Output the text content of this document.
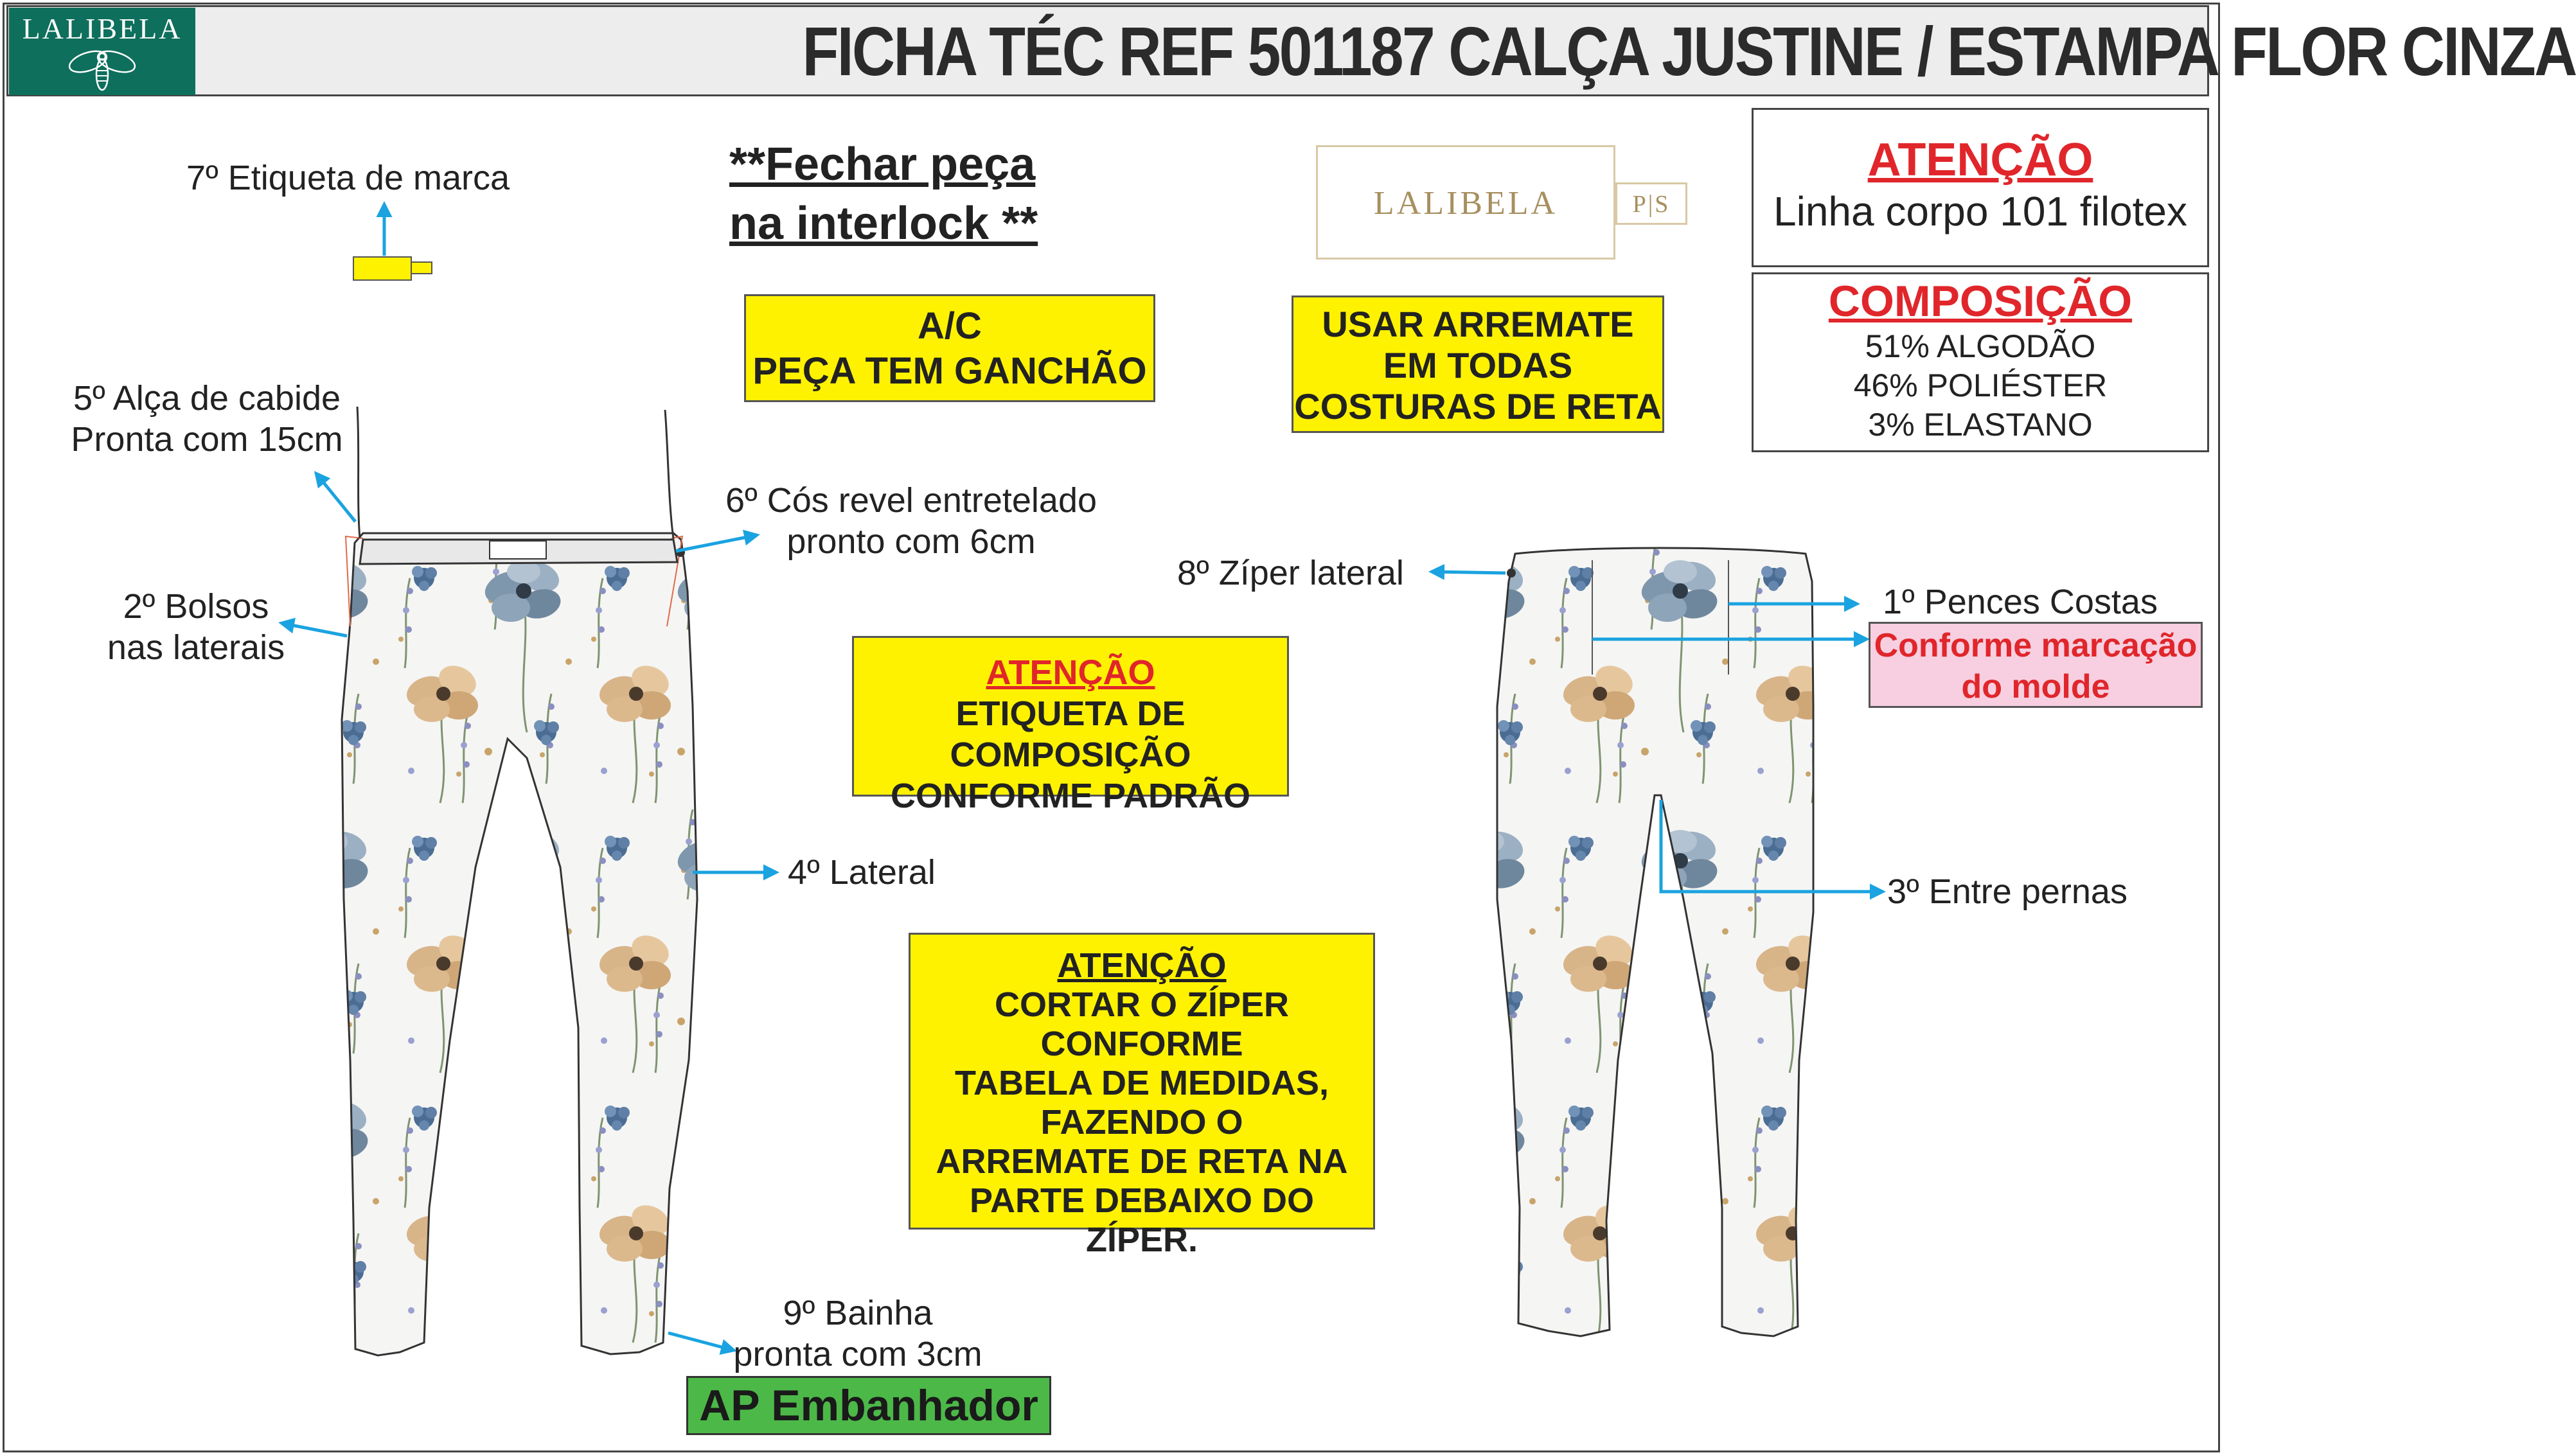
LALIBELA	FICHA TÉC REF 501187 CALÇA JUSTINE / ESTAMPA FLOR CINZA
7º Etiqueta de marca
5º Alça de cabide
Pronta com 15cm
6º Cós revel entretelado
pronto com 6cm
2º Bolsos
nas laterais
4º Lateral
9º Bainha
pronta com 3cm
8º Zíper lateral
1º Pences Costas
3º Entre pernas
**Fechar peça
na interlock **	LALIBELA	P|S
ATENÇÃO
Linha corpo 101 filotex
COMPOSIÇÃO
51% ALGODÃO
46% POLIÉSTER
3% ELASTANO
A/C
PEÇA TEM GANCHÃO
USAR ARREMATE
EM TODAS
COSTURAS DE RETA
ATENÇÃO
ETIQUETA DE COMPOSIÇÃO
CONFORME PADRÃO
ATENÇÃO
CORTAR O ZÍPER
CONFORME
TABELA DE MEDIDAS,
FAZENDO O
ARREMATE DE RETA NA
PARTE DEBAIXO DO ZÍPER.
Conforme marcação
do molde
AP Embanhador
